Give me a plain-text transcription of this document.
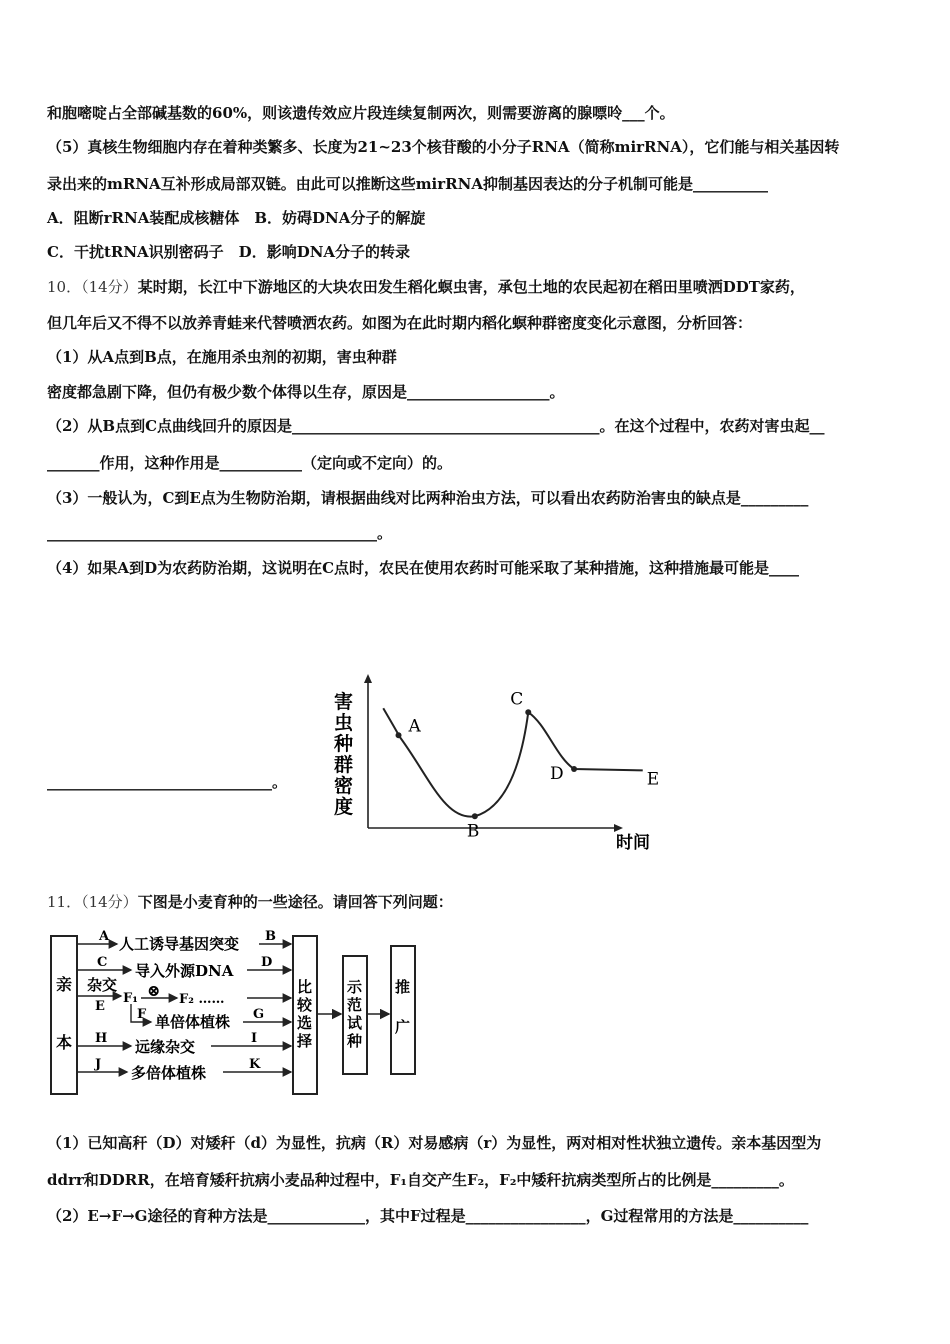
和胞嘧啶占全部碱基数的60%，则该遗传效应片段连续复制两次，则需要游离的腺嘌呤___个。
（5）真核生物细胞内存在着种类繁多、长度为21~23个核苷酸的小分子RNA（简称mirRNA），它们能与相关基因转
录出来的mRNA互补形成局部双链。由此可以推断这些mirRNA抑制基因表达的分子机制可能是__________
A．阻断rRNA装配成核糖体　B．妨碍DNA分子的解旋
C．干扰tRNA识别密码子　D．影响DNA分子的转录
10．（14分）某时期，长江中下游地区的大块农田发生稻化螟虫害，承包土地的农民起初在稻田里喷洒DDT家药，
但几年后又不得不以放养青蛙来代替喷洒农药。如图为在此时期内稻化螟种群密度变化示意图，分析回答：
（1）从A点到B点，在施用杀虫剂的初期，害虫种群
密度都急剧下降，但仍有极少数个体得以生存，原因是___________________。
（2）从B点到C点曲线回升的原因是_________________________________________。在这个过程中，农药对害虫起__
_______作用，这种作用是___________（定向或不定向）的。
（3）一般认为，C到E点为生物防治期，请根据曲线对比两种治虫方法，可以看出农药防治害虫的缺点是_________
____________________________________________。
（4）如果A到D为农药防治期，这说明在C点时，农民在使用农药时可能采取了某种措施，这种措施最可能是____
______________________________。
A
B
C
D	E
害
虫
种
群
密
度
时间
11．（14分）下图是小麦育种的一些途径。请回答下列问题：
亲
本
比
较
选
择
示
范
试
种
推
广
A 人工诱导基因突变 B
C 导入外源DNA D
杂交
E
F₁ ⊗ F₂ ……
F 单倍体植株 G
H 远缘杂交	I
J 多倍体植株	K
（1）已知高秆（D）对矮秆（d）为显性，抗病（R）对易感病（r）为显性，两对相对性状独立遗传。亲本基因型为
ddrr和DDRR，在培育矮秆抗病小麦品种过程中，F₁自交产生F₂，F₂中矮秆抗病类型所占的比例是_________。
（2）E→F→G途径的育种方法是_____________，其中F过程是________________，G过程常用的方法是__________
